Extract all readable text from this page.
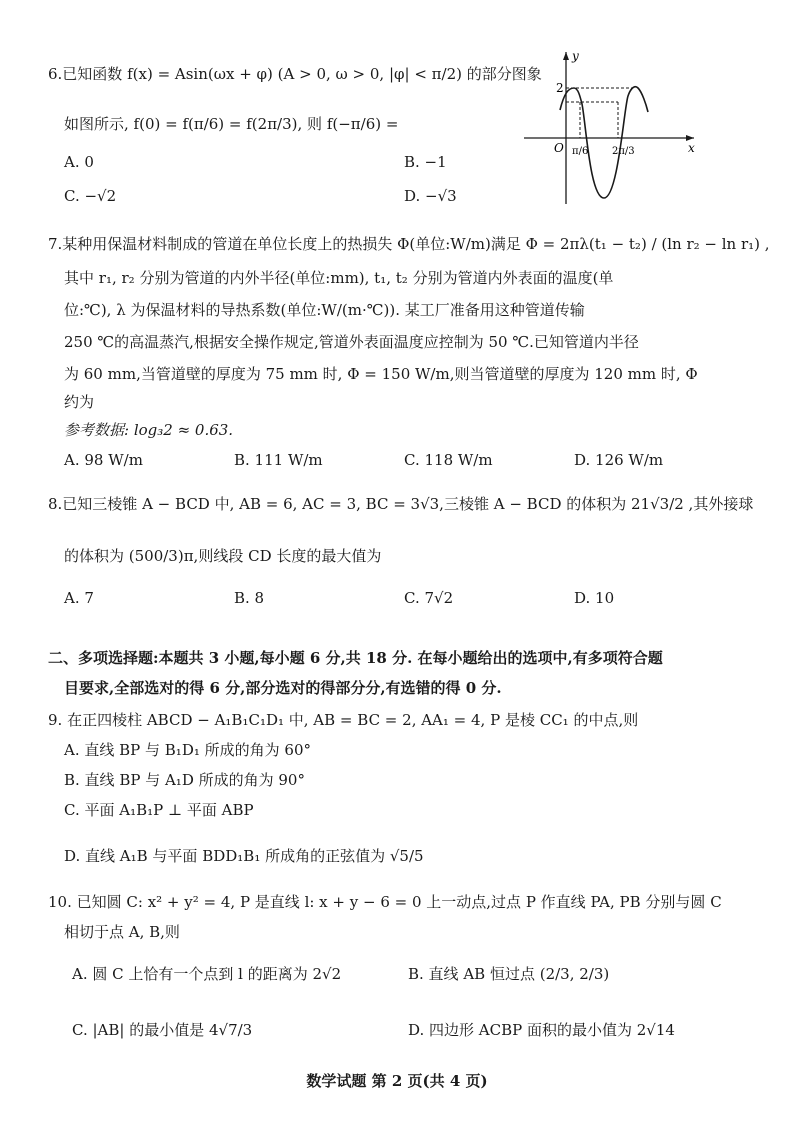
6.已知函数 f(x) = Asin(ωx + φ) (A > 0, ω > 0, |φ| < π/2) 的部分图象
如图所示, f(0) = f(π/6) = f(2π/3), 则 f(−π/6) =
A. 0	B. −1
C. −√2	D. −√3
y
x
O
2
π/6 2π/3
7.某种用保温材料制成的管道在单位长度上的热损失 Φ(单位:W/m)满足 Φ = 2πλ(t₁ − t₂) / (ln r₂ − ln r₁) ,
其中 r₁, r₂ 分别为管道的内外半径(单位:mm), t₁, t₂ 分别为管道内外表面的温度(单
位:℃), λ 为保温材料的导热系数(单位:W/(m·℃)). 某工厂准备用这种管道传输
250 ℃的高温蒸汽,根据安全操作规定,管道外表面温度应控制为 50 ℃.已知管道内半径
为 60 mm,当管道壁的厚度为 75 mm 时, Φ = 150 W/m,则当管道壁的厚度为 120 mm 时, Φ
约为
参考数据: log₃2 ≈ 0.63.
A. 98 W/m	B. 111 W/m	C. 118 W/m	D. 126 W/m
8.已知三棱锥 A − BCD 中, AB = 6, AC = 3, BC = 3√3,三棱锥 A − BCD 的体积为 21√3/2 ,其外接球
的体积为 (500/3)π,则线段 CD 长度的最大值为
A. 7	B. 8	C. 7√2	D. 10
二、多项选择题:本题共 3 小题,每小题 6 分,共 18 分. 在每小题给出的选项中,有多项符合题
目要求,全部选对的得 6 分,部分选对的得部分分,有选错的得 0 分.
9. 在正四棱柱 ABCD − A₁B₁C₁D₁ 中, AB = BC = 2, AA₁ = 4, P 是棱 CC₁ 的中点,则
A. 直线 BP 与 B₁D₁ 所成的角为 60°
B. 直线 BP 与 A₁D 所成的角为 90°
C. 平面 A₁B₁P ⊥ 平面 ABP
D. 直线 A₁B 与平面 BDD₁B₁ 所成角的正弦值为 √5/5
10. 已知圆 C: x² + y² = 4, P 是直线 l: x + y − 6 = 0 上一动点,过点 P 作直线 PA, PB 分别与圆 C
相切于点 A, B,则
A. 圆 C 上恰有一个点到 l 的距离为 2√2	B. 直线 AB 恒过点 (2/3, 2/3)
C. |AB| 的最小值是 4√7/3	D. 四边形 ACBP 面积的最小值为 2√14
数学试题 第 2 页(共 4 页)
